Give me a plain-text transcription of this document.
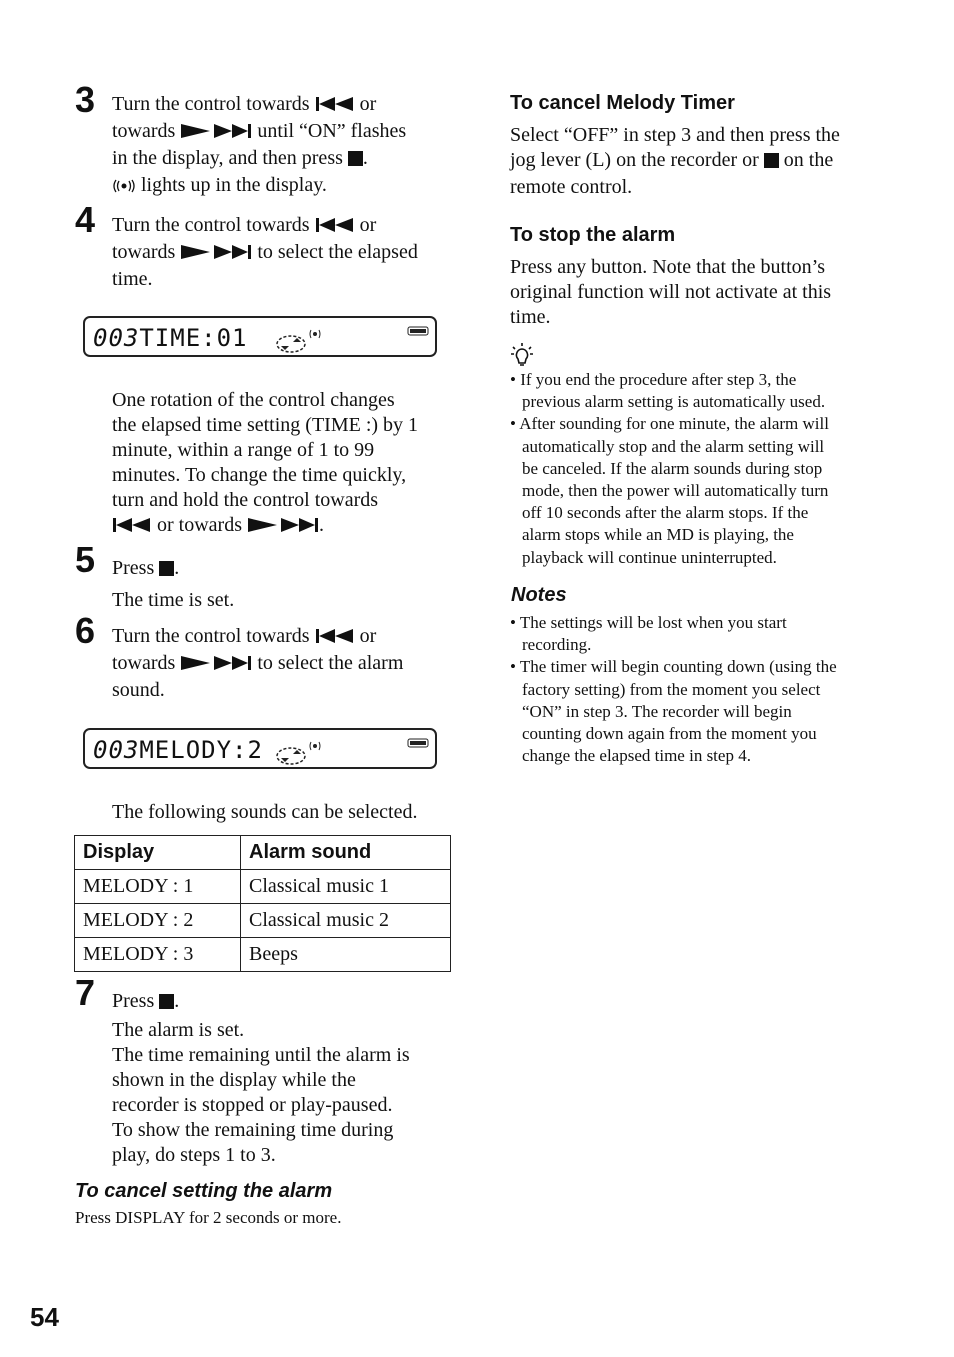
3 Turn the control towards
or
towards	until “ON” flashes
in the display, and then press
.
lights up in the display.
4 Turn the control towards
or
towards	to select the elapsed
time.
003TIME:01
One rotation of the control changes
the elapsed time setting (TIME :) by 1
minute, within a range of 1 to 99
minutes. To change the time quickly,
turn and hold the control towards
or towards	.
5 Press
.
The time is set.
6 Turn the control towards
or
towards	to select the alarm
sound.
003MELODY:2
The following sounds can be selected.
Display	Alarm sound
MELODY : 1	Classical music 1
MELODY : 2	Classical music 2
MELODY : 3	Beeps
7 Press
.
The alarm is set.
The time remaining until the alarm is
shown in the display while the
recorder is stopped or play-paused.
To show the remaining time during
play, do steps 1 to 3.
To cancel setting the alarm
Press DISPLAY for 2 seconds or more.
To cancel Melody Timer
Select “OFF” in step 3 and then press the
jog lever (L) on the recorder or
on the
remote control.
To stop the alarm
Press any button. Note that the button’s
original function will not activate at this
time.
• If you end the procedure after step 3, the
previous alarm setting is automatically used.
• After sounding for one minute, the alarm will
automatically stop and the alarm setting will
be canceled. If the alarm sounds during stop
mode, then the power will automatically turn
off 10 seconds after the alarm stops. If the
alarm stops while an MD is playing, the
playback will continue uninterrupted.
Notes
• The settings will be lost when you start
recording.
• The timer will begin counting down (using the
factory setting) from the moment you select
“ON” in step 3. The recorder will begin
counting down again from the moment you
change the elapsed time in step 4.
54
